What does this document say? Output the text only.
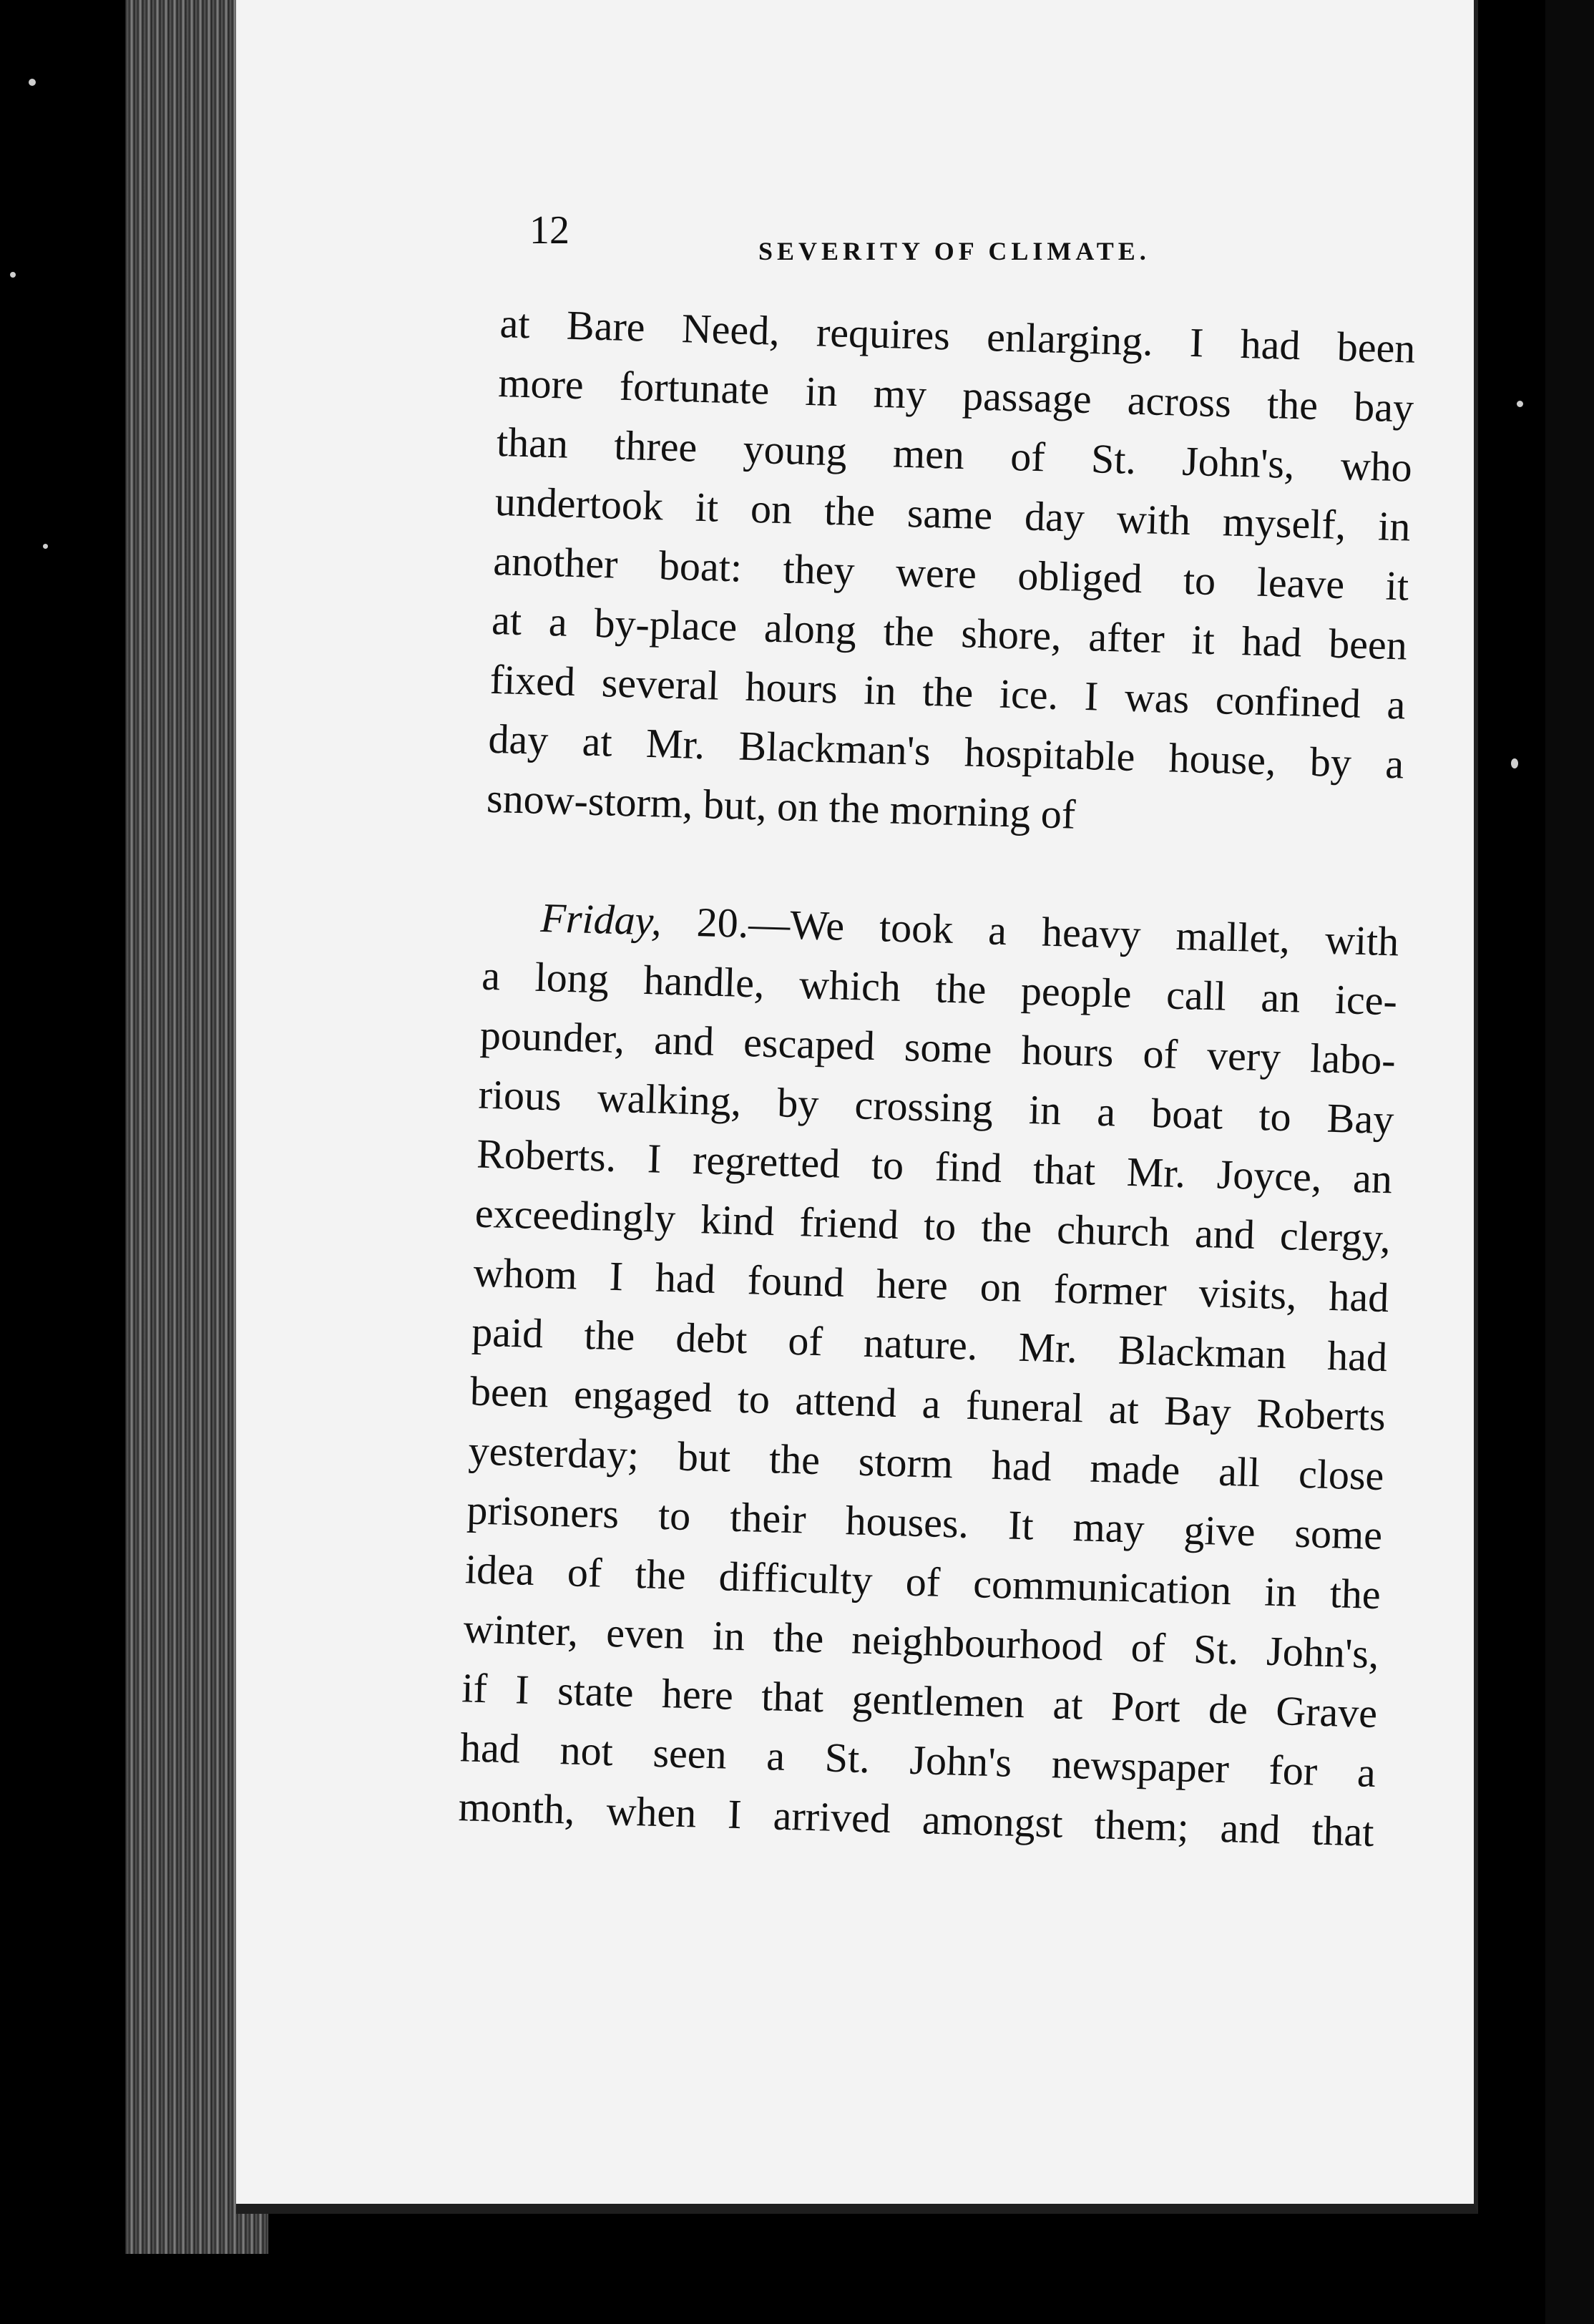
12	SEVERITY OF CLIMATE.
at Bare Need, requires enlarging. I had been
more fortunate in my passage across the bay
than three young men of St. John's, who
undertook it on the same day with myself, in
another boat: they were obliged to leave it
at a by-place along the shore, after it had been
fixed several hours in the ice. I was confined a
day at Mr. Blackman's hospitable house, by a
snow-storm, but, on the morning of
Friday, 20.—We took a heavy mallet, with
a long handle, which the people call an ice-
pounder, and escaped some hours of very labo-
rious walking, by crossing in a boat to Bay
Roberts. I regretted to find that Mr. Joyce, an
exceedingly kind friend to the church and clergy,
whom I had found here on former visits, had
paid the debt of nature. Mr. Blackman had
been engaged to attend a funeral at Bay Roberts
yesterday; but the storm had made all close
prisoners to their houses. It may give some
idea of the difficulty of communication in the
winter, even in the neighbourhood of St. John's,
if I state here that gentlemen at Port de Grave
had not seen a St. John's newspaper for a
month, when I arrived amongst them; and that
